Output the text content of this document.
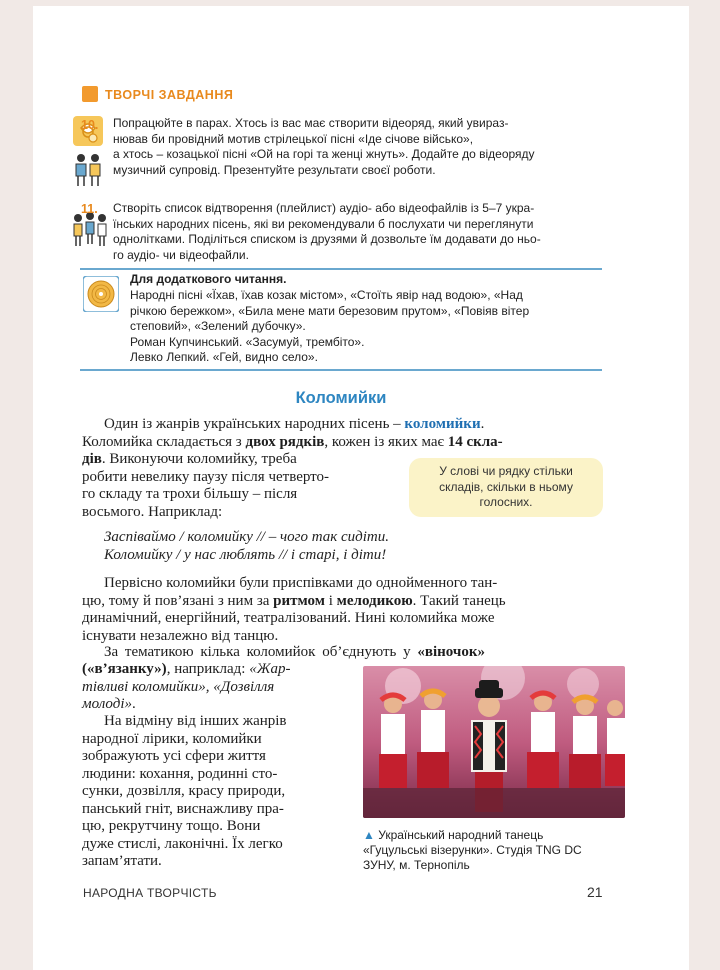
ТВОРЧІ ЗАВДАННЯ
10. Попрацюйте в парах. Хтось із вас має створити відеоряд, який увираз-
нював би провідний мотив стрілецької пісні «Іде січове військо»,
а хтось – козацької пісні «Ой на горі та женці жнуть». Додайте до відеоряду
музичний супровід. Презентуйте результати своєї роботи.
11. Створіть список відтворення (плейлист) аудіо- або відеофайлів із 5–7 укра-
їнських народних пісень, які ви рекомендували б послухати чи переглянути
однолітками. Поділіться списком із друзями й дозвольте їм додавати до ньо-
го аудіо- чи відеофайли.
Для додаткового читання.
Народні пісні «Їхав, їхав козак містом», «Стоїть явір над водою», «Над
річкою бережком», «Била мене мати березовим прутом», «Повіяв вітер
степовий», «Зелений дубочку».
Роман Купчинський. «Засумуй, трембіто».
Левко Лепкий. «Гей, видно село».
Коломийки
Один із жанрів українських народних пісень – коломийки.
Коломийка складається з двох рядків, кожен із яких має 14 скла-
дів. Виконуючи коломийку, треба
робити невелику паузу після четверто-
го складу та трохи більшу – після
восьмого. Наприклад:
У слові чи рядку стільки
складів, скільки в ньому
голосних.
Заспіваймо / коломийку // – чого так сидіти.
Коломийку / у нас люблять // і старі, і діти!
Первісно коломийки були приспівками до однойменного тан-
цю, тому й пов’язані з ним за ритмом і мелодикою. Такий танець
динамічний, енергійний, театралізований. Нині коломийка може
існувати незалежно від танцю.
За тематикою кілька коломийок об’єднують у «віночок»
(«в’язанку»), наприклад: «Жар-
тівливі коломийки», «Дозвілля
молоді».
На відміну від інших жанрів
народної лірики, коломийки
зображують усі сфери життя
людини: кохання, родинні сто-
сунки, дозвілля, красу природи,
панський гніт, виснажливу пра-
цю, рекрутчину тощо. Вони
дуже стислі, лаконічні. Їх легко
запам’ятати.
▲ Український народний танець
«Гуцульські візерунки». Студія TNG DC
ЗУНУ, м. Тернопіль
НАРОДНА ТВОРЧІСТЬ	21
